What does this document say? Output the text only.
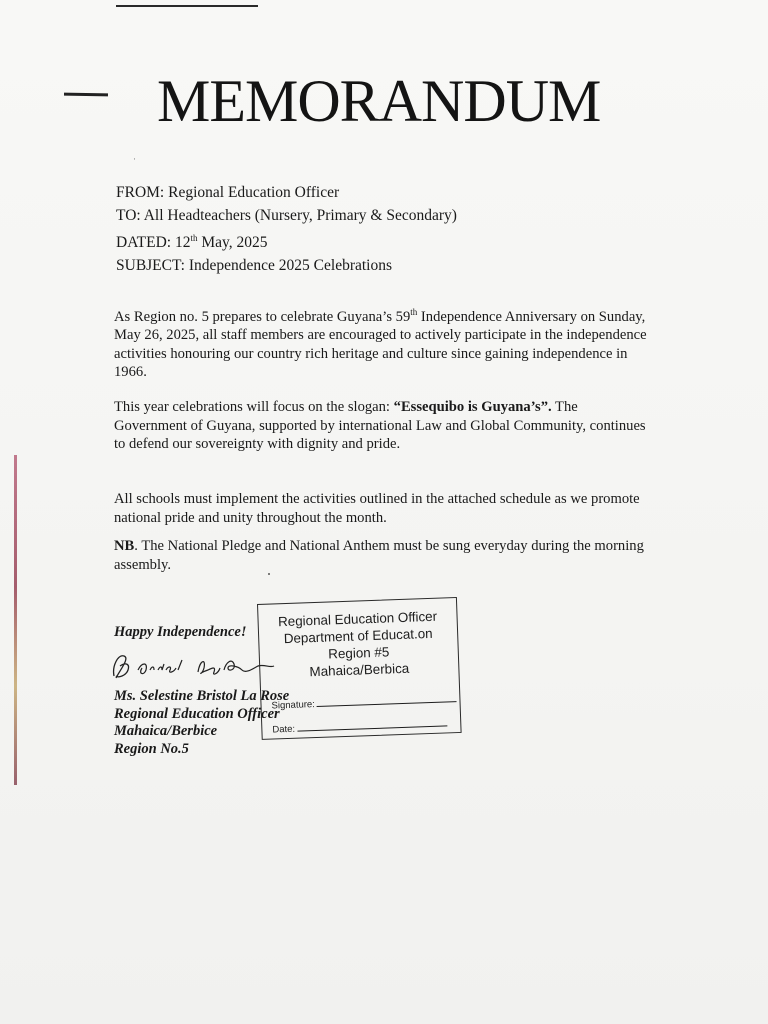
MEMORANDUM
·
FROM: Regional Education Officer
TO: All Headteachers (Nursery, Primary & Secondary)
DATED: 12th May, 2025
SUBJECT: Independence 2025 Celebrations
As Region no. 5 prepares to celebrate Guyana’s 59th Independence Anniversary on Sunday, May 26, 2025, all staff members are encouraged to actively participate in the independence activities honouring our country rich heritage and culture since gaining independence in 1966.
This year celebrations will focus on the slogan: “Essequibo is Guyana’s”. The Government of Guyana, supported by international Law and Global Community, continues to defend our sovereignty with dignity and pride.
All schools must implement the activities outlined in the attached schedule as we promote national pride and unity throughout the month.
NB. The National Pledge and National Anthem must be sung everyday during the morning assembly.
Happy Independence!
Ms. Selestine Bristol La Rose
Regional Education Officer
Mahaica/Berbice
Region No.5
Regional Education Officer
Department of Educat.on
Region #5
Mahaica/Berbica
Signature:
Date:
